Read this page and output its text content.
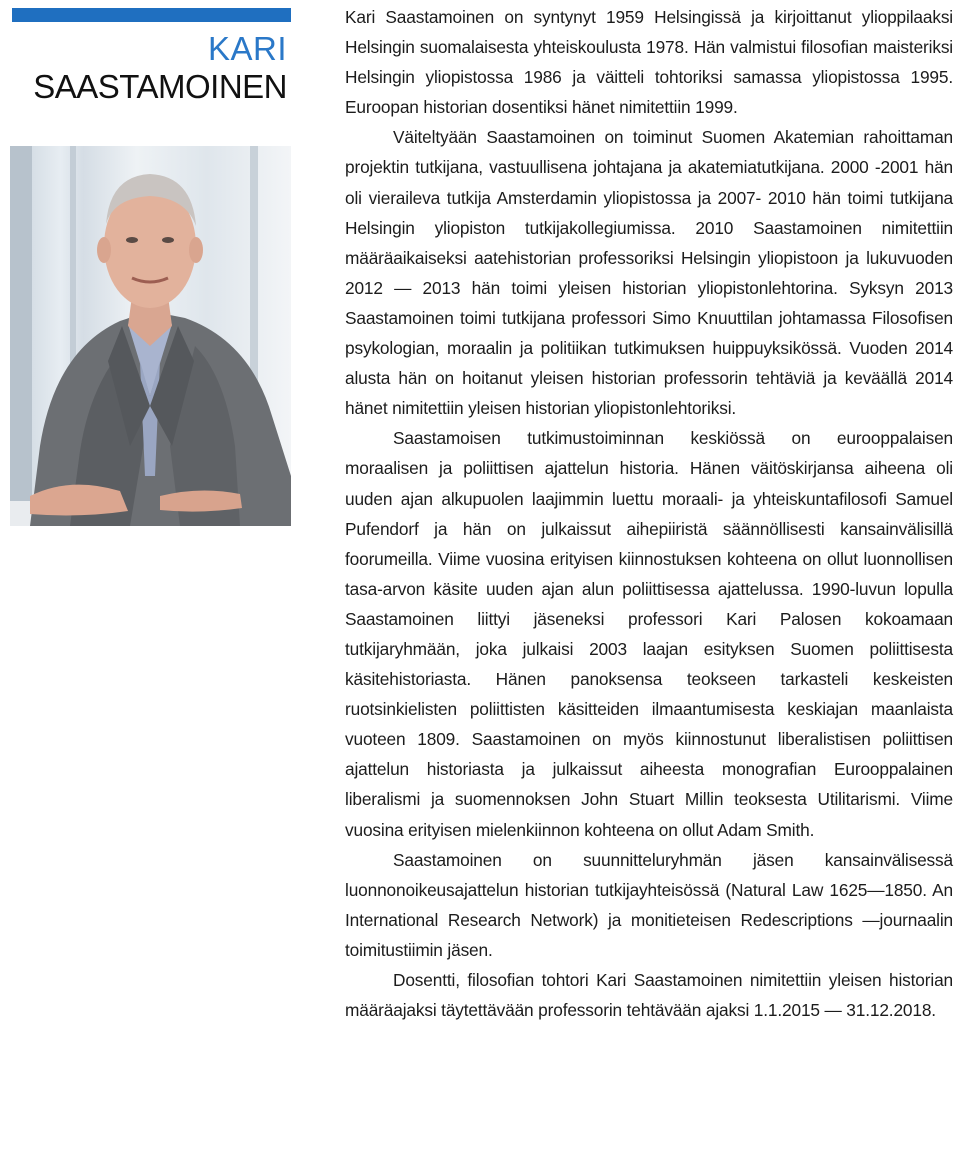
KARI
SAASTAMOINEN

Kari Saastamoinen on syntynyt 1959 Helsingissä ja kirjoittanut ylioppilaaksi Helsingin suomalaisesta yhteiskoulusta 1978. Hän valmistui filosofian maisteriksi Helsingin yliopistossa 1986 ja väitteli tohtoriksi samassa yliopistossa 1995. Euroopan historian dosentiksi hänet nimitettiin 1999.

Väiteltyään Saastamoinen on toiminut Suomen Akatemian rahoittaman projektin tutkijana, vastuullisena johtajana ja akatemiatutkijana. 2000 -2001 hän oli vieraileva tutkija Amsterdamin yliopistossa ja 2007- 2010 hän toimi tutkijana Helsingin yliopiston tutkijakollegiumissa. 2010 Saastamoinen nimitettiin määräaikaiseksi aatehistorian professoriksi Helsingin yliopistoon ja lukuvuoden 2012 — 2013 hän toimi yleisen historian yliopistonlehtorina. Syksyn 2013 Saastamoinen toimi tutkijana professori Simo Knuuttilan johtamassa Filosofisen psykologian, moraalin ja politiikan tutkimuksen huippuyksikössä. Vuoden 2014 alusta hän on hoitanut yleisen historian professorin tehtäviä ja keväällä 2014 hänet nimitettiin yleisen historian yliopistonlehtoriksi.

Saastamoisen tutkimustoiminnan keskiössä on eurooppalaisen moraalisen ja poliittisen ajattelun historia. Hänen väitöskirjansa aiheena oli uuden ajan alkupuolen laajimmin luettu moraali- ja yhteiskuntafilosofi Samuel Pufendorf ja hän on julkaissut aihepiiristä säännöllisesti kansainvälisillä foorumeilla. Viime vuosina erityisen kiinnostuksen kohteena on ollut luonnollisen tasa-arvon käsite uuden ajan alun poliittisessa ajattelussa. 1990-luvun lopulla Saastamoinen liittyi jäseneksi professori Kari Palosen kokoamaan tutkijaryhmään, joka julkaisi 2003 laajan esityksen Suomen poliittisesta käsitehistoriasta. Hänen panoksensa teokseen tarkasteli keskeisten ruotsinkielisten poliittisten käsitteiden ilmaantumisesta keskiajan maanlaista vuoteen 1809. Saastamoinen on myös kiinnostunut liberalistisen poliittisen ajattelun historiasta ja julkaissut aiheesta monografian Eurooppalainen liberalismi ja suomennoksen John Stuart Millin teoksesta Utilitarismi. Viime vuosina erityisen mielenkiinnon kohteena on ollut Adam Smith.

Saastamoinen on suunnitteluryhmän jäsen kansainvälisessä luonnonoikeusajattelun historian tutkijayhteisössä (Natural Law 1625—1850. An International Research Network) ja monitieteisen Redescriptions —journaalin toimitustiimin jäsen.

Dosentti, filosofian tohtori Kari Saastamoinen nimitettiin yleisen historian määräajaksi täytettävään professorin tehtävään ajaksi 1.1.2015 — 31.12.2018.
